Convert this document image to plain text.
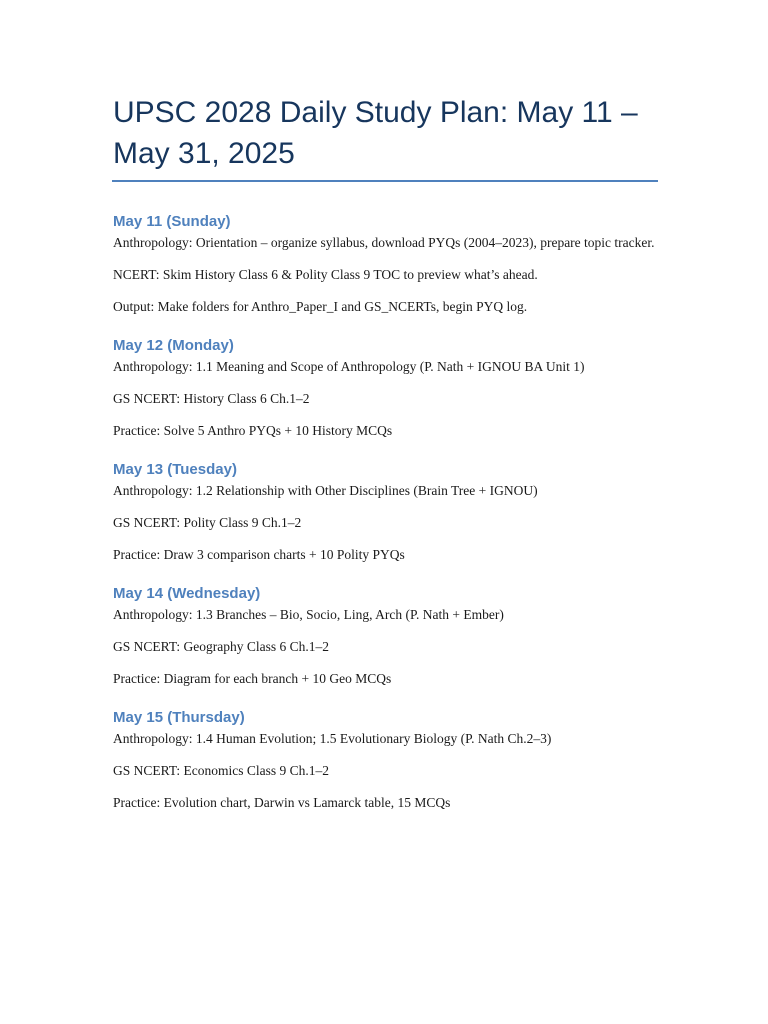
UPSC 2028 Daily Study Plan: May 11 – May 31, 2025
May 11 (Sunday)

Anthropology: Orientation – organize syllabus, download PYQs (2004–2023), prepare topic tracker.

NCERT: Skim History Class 6 & Polity Class 9 TOC to preview what’s ahead.

Output: Make folders for Anthro_Paper_I and GS_NCERTs, begin PYQ log.

May 12 (Monday)

Anthropology: 1.1 Meaning and Scope of Anthropology (P. Nath + IGNOU BA Unit 1)

GS NCERT: History Class 6 Ch.1–2

Practice: Solve 5 Anthro PYQs + 10 History MCQs

May 13 (Tuesday)

Anthropology: 1.2 Relationship with Other Disciplines (Brain Tree + IGNOU)

GS NCERT: Polity Class 9 Ch.1–2

Practice: Draw 3 comparison charts + 10 Polity PYQs

May 14 (Wednesday)

Anthropology: 1.3 Branches – Bio, Socio, Ling, Arch (P. Nath + Ember)

GS NCERT: Geography Class 6 Ch.1–2

Practice: Diagram for each branch + 10 Geo MCQs

May 15 (Thursday)

Anthropology: 1.4 Human Evolution; 1.5 Evolutionary Biology (P. Nath Ch.2–3)

GS NCERT: Economics Class 9 Ch.1–2

Practice: Evolution chart, Darwin vs Lamarck table, 15 MCQs
